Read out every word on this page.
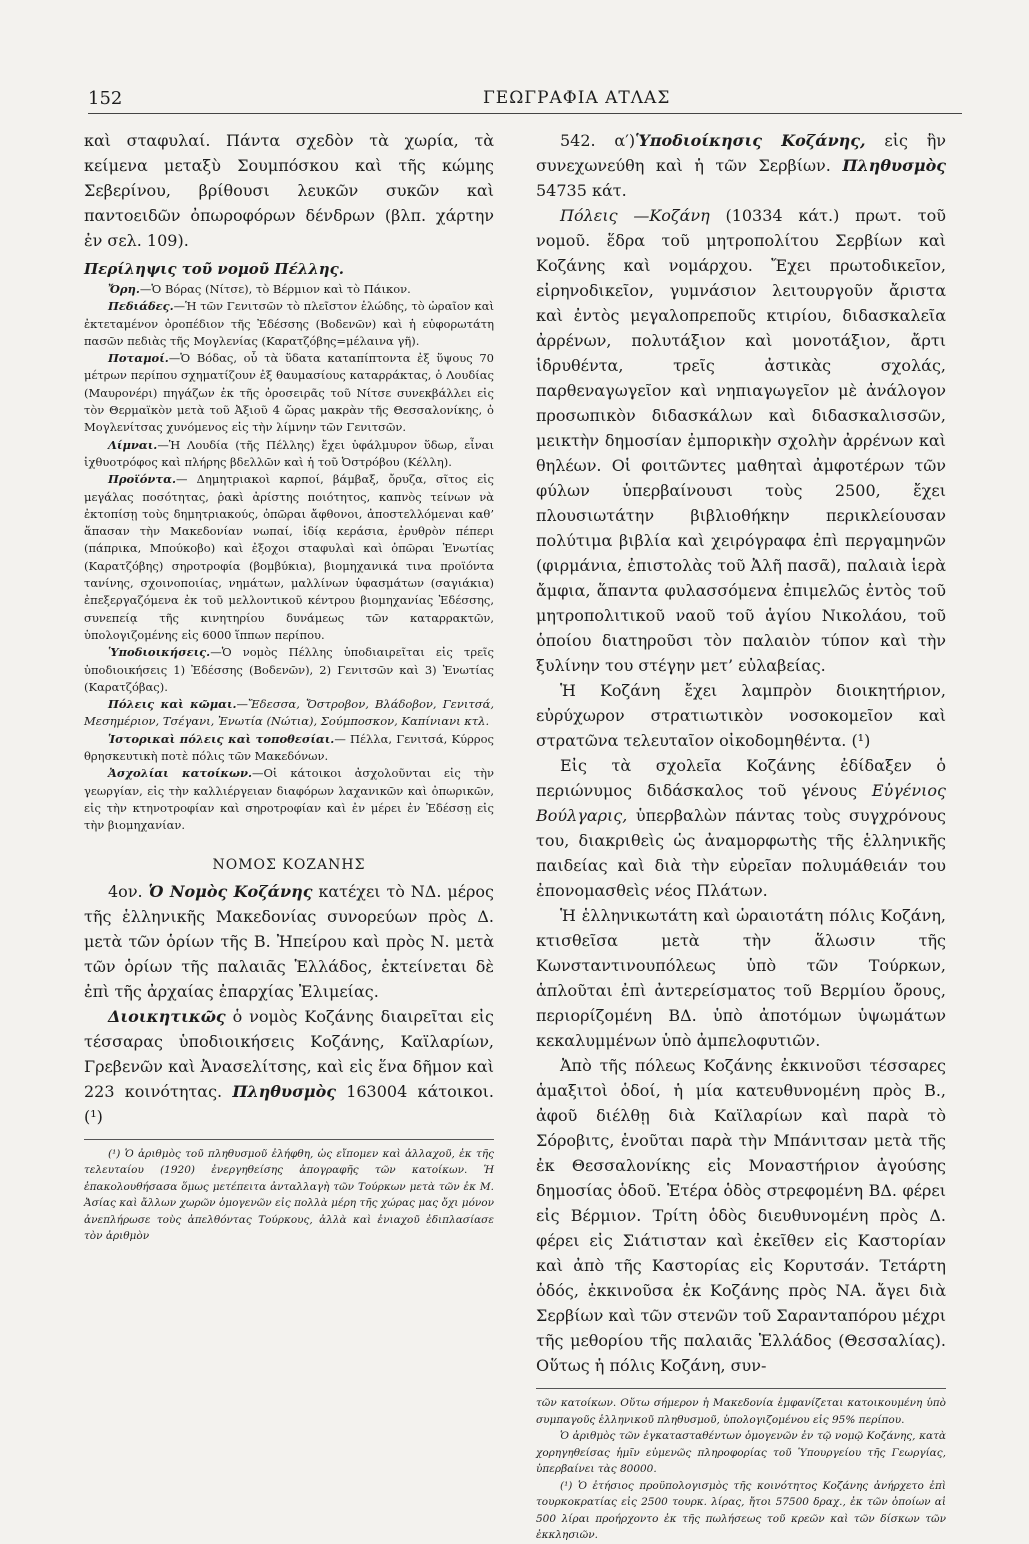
152	ΓΕΩΓΡΑΦΙΑ ΑΤΛΑΣ

καὶ σταφυλαί. Πάντα σχεδὸν τὰ χωρία, τὰ κείμενα μεταξὺ Σουμπόσκου καὶ τῆς κώμης Σεβερίνου, βρίθουσι λευκῶν συκῶν καὶ παντοειδῶν ὀπωροφόρων δένδρων (βλπ. χάρτην ἐν σελ. 109).

Περίληψις τοῦ νομοῦ Πέλλης.

Ὄρη.—Ὁ Βόρας (Νίτσε), τὸ Βέρμιον καὶ τὸ Πάικον.

Πεδιάδες.—Ἡ τῶν Γενιτσῶν τὸ πλεῖστον ἑλώδης, τὸ ὡραῖον καὶ ἐκτεταμένον ὀροπέδιον τῆς Ἐδέσσης (Βοδενῶν) καὶ ἡ εὐφορωτάτη πασῶν πεδιὰς τῆς Μογλενίας (Καρατζόβης=μέλαινα γῆ).

Ποταμοί.—Ὁ Βόδας, οὗ τὰ ὕδατα καταπίπτοντα ἐξ ὕψους 70 μέτρων περίπου σχηματίζουν ἐξ θαυμασίους καταρράκτας, ὁ Λουδίας (Μαυρονέρι) πηγάζων ἐκ τῆς ὀροσειρᾶς τοῦ Νίτσε συνεκβάλλει εἰς τὸν Θερμαϊκὸν μετὰ τοῦ Ἀξιοῦ 4 ὥρας μακρὰν τῆς Θεσσαλονίκης, ὁ Μογλενίτσας χυνόμενος εἰς τὴν λίμνην τῶν Γενιτσῶν.

Λίμναι.—Ἡ Λουδία (τῆς Πέλλης) ἔχει ὑφάλμυρον ὕδωρ, εἶναι ἰχθυοτρόφος καὶ πλήρης βδελλῶν καὶ ἡ τοῦ Ὀστρόβου (Κέλλη).

Προϊόντα.— Δημητριακοὶ καρποί, βάμβαξ, ὄρυζα, σῖτος εἰς μεγάλας ποσότητας, ῥακὶ ἀρίστης ποιότητος, καπνὸς τείνων νὰ ἐκτοπίσῃ τοὺς δημητριακούς, ὀπῶραι ἄφθονοι, ἀποστελλόμεναι καθ’ ἅπασαν τὴν Μακεδονίαν νωπαί, ἰδίᾳ κεράσια, ἐρυθρὸν πέπερι (πάπρικα, Μπούκοβο) καὶ ἐξοχοι σταφυλαὶ καὶ ὀπῶραι Ἐνωτίας (Καρατζόβης) σηροτροφία (βομβύκια), βιομηχανικά τινα προϊόντα τανίνης, σχοινοποιίας, νημάτων, μαλλίνων ὑφασμάτων (σαγιάκια) ἐπεξεργαζόμενα ἐκ τοῦ μελλοντικοῦ κέντρου βιομηχανίας Ἐδέσσης, συνεπείᾳ τῆς κινητηρίου δυνάμεως τῶν καταρρακτῶν, ὑπολογιζομένης εἰς 6000 ἵππων περίπου.

Ὑποδιοικήσεις.—Ὁ νομὸς Πέλλης ὑποδιαιρεῖται εἰς τρεῖς ὑποδιοικήσεις 1) Ἐδέσσης (Βοδενῶν), 2) Γενιτσῶν καὶ 3) Ἐνωτίας (Καρατζόβας).

Πόλεις καὶ κῶμαι.—Ἔδεσσα, Ὄστροβον, Βλάδοβον, Γενιτσά, Μεσημέριον, Τσέγανι, Ἐνωτία (Νώτια), Σούμποσκον, Καπίνιανι κτλ.

Ἱστορικαὶ πόλεις καὶ τοποθεσίαι.— Πέλλα, Γενιτσά, Κύρρος θρησκευτικὴ ποτὲ πόλις τῶν Μακεδόνων.

Ἀσχολίαι κατοίκων.—Οἱ κάτοικοι ἀσχολοῦνται εἰς τὴν γεωργίαν, εἰς τὴν καλλιέργειαν διαφόρων λαχανικῶν καὶ ὀπωρικῶν, εἰς τὴν κτηνοτροφίαν καὶ σηροτροφίαν καὶ ἐν μέρει ἐν Ἐδέσσῃ εἰς τὴν βιομηχανίαν.

ΝΟΜΟΣ ΚΟΖΑΝΗΣ

4ον. Ὁ Νομὸς Κοζάνης κατέχει τὸ ΝΔ. μέρος τῆς ἑλληνικῆς Μακεδονίας συνορεύων πρὸς Δ. μετὰ τῶν ὁρίων τῆς Β. Ἠπείρου καὶ πρὸς Ν. μετὰ τῶν ὁρίων τῆς παλαιᾶς Ἑλλάδος, ἐκτείνεται δὲ ἐπὶ τῆς ἀρχαίας ἐπαρχίας Ἐλιμείας.

Διοικητικῶς ὁ νομὸς Κοζάνης διαιρεῖται εἰς τέσσαρας ὑποδιοικήσεις Κοζάνης, Καϊλαρίων, Γρεβενῶν καὶ Ἀνασελίτσης, καὶ εἰς ἕνα δῆμον καὶ 223 κοινότητας. Πληθυσμὸς 163004 κάτοικοι. (¹)

(¹) Ὁ ἀριθμὸς τοῦ πληθυσμοῦ ἐλήφθη, ὡς εἴπομεν καὶ ἀλλαχοῦ, ἐκ τῆς τελευταίου (1920) ἐνεργηθείσης ἀπογραφῆς τῶν κατοίκων. Ἡ ἐπακολουθήσασα ὅμως μετέπειτα ἀνταλλαγὴ τῶν Τούρκων μετὰ τῶν ἐκ Μ. Ἀσίας καὶ ἄλλων χωρῶν ὁμογενῶν εἰς πολλὰ μέρη τῆς χώρας μας ὄχι μόνον ἀνεπλήρωσε τοὺς ἀπελθόντας Τούρκους, ἀλλὰ καὶ ἐνιαχοῦ ἐδιπλασίασε τὸν ἀριθμὸν

542. α′)Ὑποδιοίκησις Κοζάνης, εἰς ἣν συνεχωνεύθη καὶ ἡ τῶν Σερβίων. Πληθυσμὸς 54735 κάτ.

Πόλεις —Κοζάνη (10334 κάτ.) πρωτ. τοῦ νομοῦ. ἕδρα τοῦ μητροπολίτου Σερβίων καὶ Κοζάνης καὶ νομάρχου. Ἔχει πρωτοδικεῖον, εἰρηνοδικεῖον, γυμνάσιον λειτουργοῦν ἄριστα καὶ ἐντὸς μεγαλοπρεποῦς κτιρίου, διδασκαλεῖα ἀρρένων, πολυτάξιον καὶ μονοτάξιον, ἄρτι ἱδρυθέντα, τρεῖς ἀστικὰς σχολάς, παρθεναγωγεῖον καὶ νηπιαγωγεῖον μὲ ἀνάλογον προσωπικὸν διδασκάλων καὶ διδασκαλισσῶν, μεικτὴν δημοσίαν ἐμπορικὴν σχολὴν ἀρρένων καὶ θηλέων. Οἱ φοιτῶντες μαθηταὶ ἀμφοτέρων τῶν φύλων ὑπερβαίνουσι τοὺς 2500, ἔχει πλουσιωτάτην βιβλιοθήκην περικλείουσαν πολύτιμα βιβλία καὶ χειρόγραφα ἐπὶ περγαμηνῶν (φιρμάνια, ἐπιστολὰς τοῦ Ἀλῆ πασᾶ), παλαιὰ ἱερὰ ἄμφια, ἅπαντα φυλασσόμενα ἐπιμελῶς ἐντὸς τοῦ μητροπολιτικοῦ ναοῦ τοῦ ἁγίου Νικολάου, τοῦ ὁποίου διατηροῦσι τὸν παλαιὸν τύπον καὶ τὴν ξυλίνην του στέγην μετ’ εὐλαβείας.

Ἡ Κοζάνη ἔχει λαμπρὸν διοικητήριον, εὐρύχωρον στρατιωτικὸν νοσοκομεῖον καὶ στρατῶνα τελευταῖον οἰκοδομηθέντα. (¹)

Εἰς τὰ σχολεῖα Κοζάνης ἐδίδαξεν ὁ περιώνυμος διδάσκαλος τοῦ γένους Εὐγένιος Βούλγαρις, ὑπερβαλὼν πάντας τοὺς συγχρόνους του, διακριθεὶς ὡς ἀναμορφωτὴς τῆς ἑλληνικῆς παιδείας καὶ διὰ τὴν εὐρεῖαν πολυμάθειάν του ἐπονομασθεὶς νέος Πλάτων.

Ἡ ἑλληνικωτάτη καὶ ὡραιοτάτη πόλις Κοζάνη, κτισθεῖσα μετὰ τὴν ἅλωσιν τῆς Κωνσταντινουπόλεως ὑπὸ τῶν Τούρκων, ἁπλοῦται ἐπὶ ἀντερείσματος τοῦ Βερμίου ὄρους, περιορίζομένη ΒΔ. ὑπὸ ἀποτόμων ὑψωμάτων κεκαλυμμένων ὑπὸ ἀμπελοφυτιῶν.

Ἀπὸ τῆς πόλεως Κοζάνης ἐκκινοῦσι τέσσαρες ἁμαξιτοὶ ὁδοί, ἡ μία κατευθυνομένη πρὸς Β., ἀφοῦ διέλθῃ διὰ Καϊλαρίων καὶ παρὰ τὸ Σόροβιτς, ἑνοῦται παρὰ τὴν Μπάνιτσαν μετὰ τῆς ἐκ Θεσσαλονίκης εἰς Μοναστήριον ἀγούσης δημοσίας ὁδοῦ. Ἑτέρα ὁδὸς στρεφομένη ΒΔ. φέρει εἰς Βέρμιον. Τρίτη ὁδὸς διευθυνομένη πρὸς Δ. φέρει εἰς Σιάτισταν καὶ ἐκεῖθεν εἰς Καστορίαν καὶ ἀπὸ τῆς Καστορίας εἰς Κορυτσάν. Τετάρτη ὁδός, ἐκκινοῦσα ἐκ Κοζάνης πρὸς ΝΑ. ἄγει διὰ Σερβίων καὶ τῶν στενῶν τοῦ Σαρανταπόρου μέχρι τῆς μεθορίου τῆς παλαιᾶς Ἑλλάδος (Θεσσαλίας). Οὕτως ἡ πόλις Κοζάνη, συν-

τῶν κατοίκων. Οὕτω σήμερον ἡ Μακεδονία ἐμφανίζεται κατοικουμένη ὑπὸ συμπαγοῦς ἑλληνικοῦ πληθυσμοῦ, ὑπολογιζομένου εἰς 95% περίπου.

Ὁ ἀριθμὸς τῶν ἐγκατασταθέντων ὁμογενῶν ἐν τῷ νομῷ Κοζάνης, κατὰ χορηγηθείσας ἡμῖν εὐμενῶς πληροφορίας τοῦ Ὑπουργείου τῆς Γεωργίας, ὑπερβαίνει τὰς 80000.

(¹) Ὁ ἐτήσιος προϋπολογισμὸς τῆς κοινότητος Κοζάνης ἀνήρχετο ἐπὶ τουρκοκρατίας εἰς 2500 τουρκ. λίρας, ἤτοι 57500 δραχ., ἐκ τῶν ὁποίων αἱ 500 λίραι προήρχοντο ἐκ τῆς πωλήσεως τοῦ κρεῶν καὶ τῶν δίσκων τῶν ἐκκλησιῶν.
